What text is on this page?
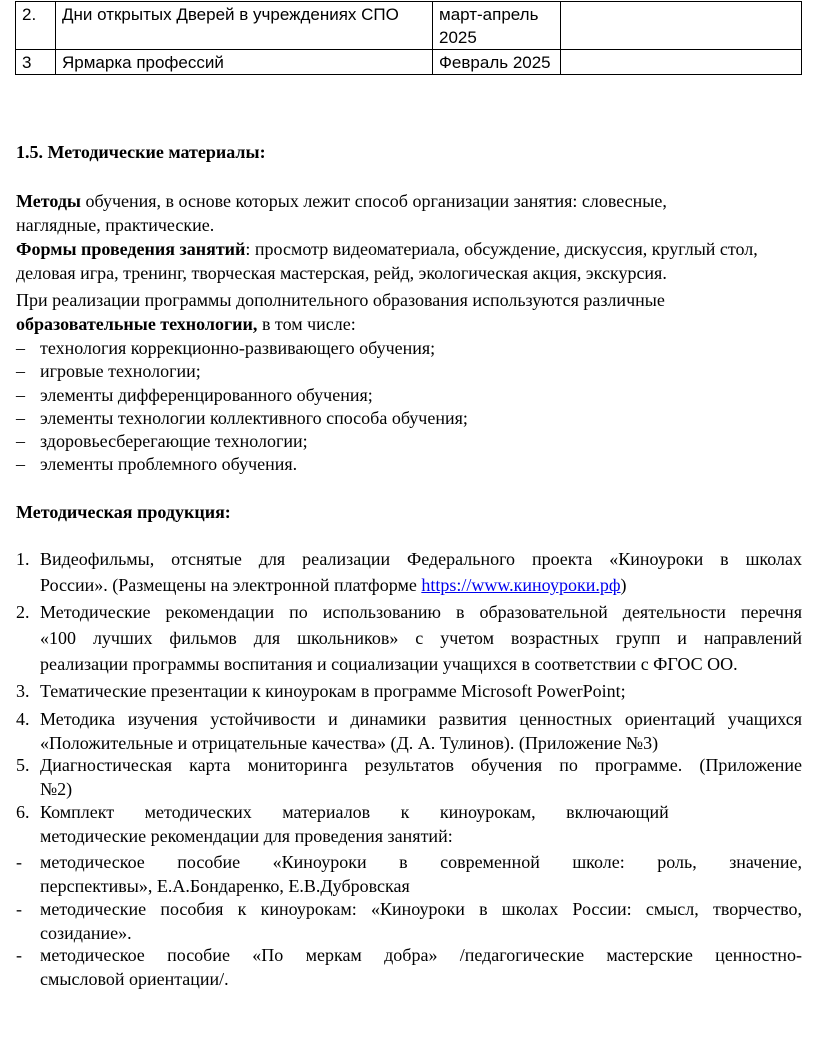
2.	Дни открытых Дверей в учреждениях СПО	март-апрель 2025	
3	Ярмарка профессий	Февраль 2025	
1.5. Методические материалы:
Методы обучения, в основе которых лежит способ организации занятия: словесные, наглядные, практические.
Формы проведения занятий: просмотр видеоматериала, обсуждение, дискуссия, круглый стол, деловая игра, тренинг, творческая мастерская, рейд, экологическая акция, экскурсия.
При реализации программы дополнительного образования используются различные
образовательные технологии, в том числе:
– технология коррекционно-развивающего обучения;
– игровые технологии;
– элементы дифференцированного обучения;
– элементы технологии коллективного способа обучения;
– здоровьесберегающие технологии;
– элементы проблемного обучения.
Методическая продукция:
1. Видеофильмы, отснятые для реализации Федерального проекта «Киноуроки в школах
России». (Размещены на электронной платформе https://www.киноуроки.рф)
2. Методические рекомендации по использованию в образовательной деятельности перечня
«100 лучших фильмов для школьников» с учетом возрастных групп и направлений
реализации программы воспитания и социализации учащихся в соответствии с ФГОС ОО.
3. Тематические презентации к киноурокам в программе Microsoft PowerPoint;
4. Методика изучения устойчивости и динамики развития ценностных ориентаций учащихся
«Положительные и отрицательные качества» (Д. А. Тулинов). (Приложение №3)
5. Диагностическая карта мониторинга результатов обучения по программе. (Приложение
№2)
6. Комплект методических материалов к киноурокам, включающий
методические рекомендации для проведения занятий:
- методическое пособие «Киноуроки в современной школе: роль, значение,
перспективы», Е.А.Бондаренко, Е.В.Дубровская
- методические пособия к киноурокам: «Киноуроки в школах России: смысл, творчество,
созидание».
- методическое пособие «По меркам добра» /педагогические мастерские ценностно-
смысловой ориентации/.
